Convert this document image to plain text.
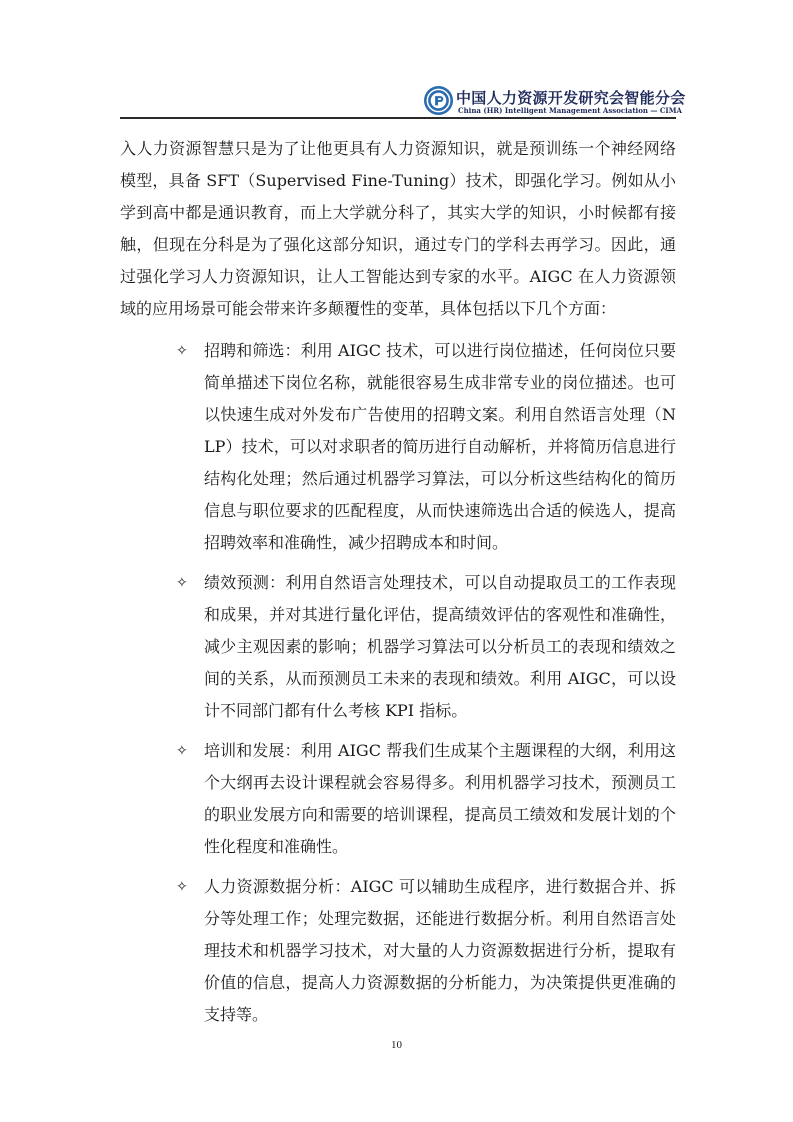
中国人力资源开发研究会智能分会
China (HR) Intelligent Management Association — CIMA

入人力资源智慧只是为了让他更具有人力资源知识，就是预训练一个神经网络模型，具备 SFT（Supervised Fine-Tuning）技术，即强化学习。例如从小学到高中都是通识教育，而上大学就分科了，其实大学的知识，小时候都有接触，但现在分科是为了强化这部分知识，通过专门的学科去再学习。因此，通过强化学习人力资源知识，让人工智能达到专家的水平。AIGC 在人力资源领域的应用场景可能会带来许多颠覆性的变革，具体包括以下几个方面：

✧ 招聘和筛选：利用 AIGC 技术，可以进行岗位描述，任何岗位只要简单描述下岗位名称，就能很容易生成非常专业的岗位描述。也可以快速生成对外发布广告使用的招聘文案。利用自然语言处理（NLP）技术，可以对求职者的简历进行自动解析，并将简历信息进行结构化处理；然后通过机器学习算法，可以分析这些结构化的简历信息与职位要求的匹配程度，从而快速筛选出合适的候选人，提高招聘效率和准确性，减少招聘成本和时间。
✧ 绩效预测：利用自然语言处理技术，可以自动提取员工的工作表现和成果，并对其进行量化评估，提高绩效评估的客观性和准确性，减少主观因素的影响；机器学习算法可以分析员工的表现和绩效之间的关系，从而预测员工未来的表现和绩效。利用 AIGC，可以设计不同部门都有什么考核 KPI 指标。
✧ 培训和发展：利用 AIGC 帮我们生成某个主题课程的大纲，利用这个大纲再去设计课程就会容易得多。利用机器学习技术，预测员工的职业发展方向和需要的培训课程，提高员工绩效和发展计划的个性化程度和准确性。
✧ 人力资源数据分析：AIGC 可以辅助生成程序，进行数据合并、拆分等处理工作；处理完数据，还能进行数据分析。利用自然语言处理技术和机器学习技术，对大量的人力资源数据进行分析，提取有价值的信息，提高人力资源数据的分析能力，为决策提供更准确的支持等。
10
